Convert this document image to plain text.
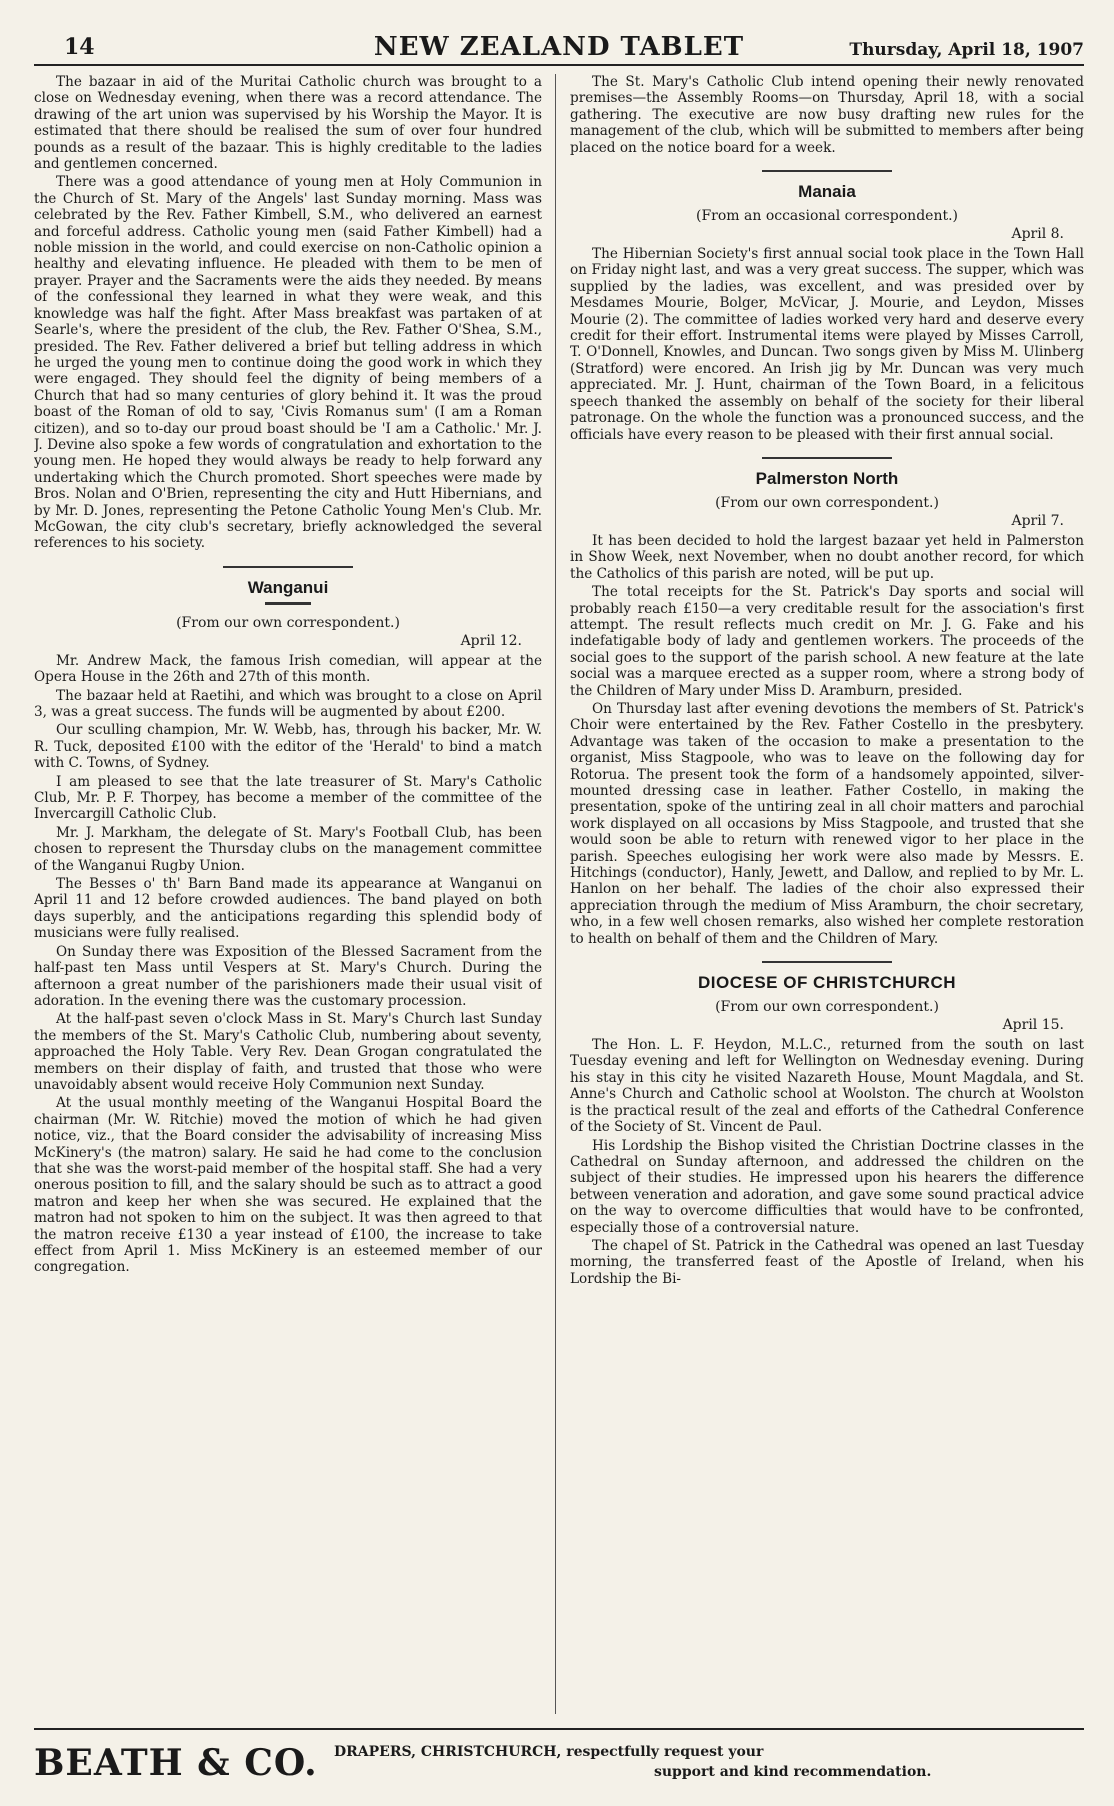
14	NEW ZEALAND TABLET	Thursday, April 18, 1907

The bazaar in aid of the Muritai Catholic church was brought to a close on Wednesday evening, when there was a record attendance. The drawing of the art union was supervised by his Worship the Mayor. It is estimated that there should be realised the sum of over four hundred pounds as a result of the bazaar. This is highly creditable to the ladies and gentlemen concerned.

There was a good attendance of young men at Holy Communion in the Church of St. Mary of the Angels' last Sunday morning. Mass was celebrated by the Rev. Father Kimbell, S.M., who delivered an earnest and forceful address. Catholic young men (said Father Kimbell) had a noble mission in the world, and could exercise on non-Catholic opinion a healthy and elevating influence. He pleaded with them to be men of prayer. Prayer and the Sacraments were the aids they needed. By means of the confessional they learned in what they were weak, and this knowledge was half the fight. After Mass breakfast was partaken of at Searle's, where the president of the club, the Rev. Father O'Shea, S.M., presided. The Rev. Father delivered a brief but telling address in which he urged the young men to continue doing the good work in which they were engaged. They should feel the dignity of being members of a Church that had so many centuries of glory behind it. It was the proud boast of the Roman of old to say, 'Civis Romanus sum' (I am a Roman citizen), and so to-day our proud boast should be 'I am a Catholic.' Mr. J. J. Devine also spoke a few words of congratulation and exhortation to the young men. He hoped they would always be ready to help forward any undertaking which the Church promoted. Short speeches were made by Bros. Nolan and O'Brien, representing the city and Hutt Hibernians, and by Mr. D. Jones, representing the Petone Catholic Young Men's Club. Mr. McGowan, the city club's secretary, briefly acknowledged the several references to his society.

Wanganui
(From our own correspondent.)
April 12.

Mr. Andrew Mack, the famous Irish comedian, will appear at the Opera House in the 26th and 27th of this month.

The bazaar held at Raetihi, and which was brought to a close on April 3, was a great success. The funds will be augmented by about £200.

Our sculling champion, Mr. W. Webb, has, through his backer, Mr. W. R. Tuck, deposited £100 with the editor of the 'Herald' to bind a match with C. Towns, of Sydney.

I am pleased to see that the late treasurer of St. Mary's Catholic Club, Mr. P. F. Thorpey, has become a member of the committee of the Invercargill Catholic Club.

Mr. J. Markham, the delegate of St. Mary's Football Club, has been chosen to represent the Thursday clubs on the management committee of the Wanganui Rugby Union.

The Besses o' th' Barn Band made its appearance at Wanganui on April 11 and 12 before crowded audiences. The band played on both days superbly, and the anticipations regarding this splendid body of musicians were fully realised.

On Sunday there was Exposition of the Blessed Sacrament from the half-past ten Mass until Vespers at St. Mary's Church. During the afternoon a great number of the parishioners made their usual visit of adoration. In the evening there was the customary procession.

At the half-past seven o'clock Mass in St. Mary's Church last Sunday the members of the St. Mary's Catholic Club, numbering about seventy, approached the Holy Table. Very Rev. Dean Grogan congratulated the members on their display of faith, and trusted that those who were unavoidably absent would receive Holy Communion next Sunday.

At the usual monthly meeting of the Wanganui Hospital Board the chairman (Mr. W. Ritchie) moved the motion of which he had given notice, viz., that the Board consider the advisability of increasing Miss McKinery's (the matron) salary. He said he had come to the conclusion that she was the worst-paid member of the hospital staff. She had a very onerous position to fill, and the salary should be such as to attract a good matron and keep her when she was secured. He explained that the matron had not spoken to him on the subject. It was then agreed to that the matron receive £130 a year instead of £100, the increase to take effect from April 1. Miss McKinery is an esteemed member of our congregation.

The St. Mary's Catholic Club intend opening their newly renovated premises—the Assembly Rooms—on Thursday, April 18, with a social gathering. The executive are now busy drafting new rules for the management of the club, which will be submitted to members after being placed on the notice board for a week.

Manaia
(From an occasional correspondent.)
April 8.

The Hibernian Society's first annual social took place in the Town Hall on Friday night last, and was a very great success. The supper, which was supplied by the ladies, was excellent, and was presided over by Mesdames Mourie, Bolger, McVicar, J. Mourie, and Leydon, Misses Mourie (2). The committee of ladies worked very hard and deserve every credit for their effort. Instrumental items were played by Misses Carroll, T. O'Donnell, Knowles, and Duncan. Two songs given by Miss M. Ulinberg (Stratford) were encored. An Irish jig by Mr. Duncan was very much appreciated. Mr. J. Hunt, chairman of the Town Board, in a felicitous speech thanked the assembly on behalf of the society for their liberal patronage. On the whole the function was a pronounced success, and the officials have every reason to be pleased with their first annual social.

Palmerston North
(From our own correspondent.)
April 7.

It has been decided to hold the largest bazaar yet held in Palmerston in Show Week, next November, when no doubt another record, for which the Catholics of this parish are noted, will be put up.

The total receipts for the St. Patrick's Day sports and social will probably reach £150—a very creditable result for the association's first attempt. The result reflects much credit on Mr. J. G. Fake and his indefatigable body of lady and gentlemen workers. The proceeds of the social goes to the support of the parish school. A new feature at the late social was a marquee erected as a supper room, where a strong body of the Children of Mary under Miss D. Aramburn, presided.

On Thursday last after evening devotions the members of St. Patrick's Choir were entertained by the Rev. Father Costello in the presbytery. Advantage was taken of the occasion to make a presentation to the organist, Miss Stagpoole, who was to leave on the following day for Rotorua. The present took the form of a handsomely appointed, silver-mounted dressing case in leather. Father Costello, in making the presentation, spoke of the untiring zeal in all choir matters and parochial work displayed on all occasions by Miss Stagpoole, and trusted that she would soon be able to return with renewed vigor to her place in the parish. Speeches eulogising her work were also made by Messrs. E. Hitchings (conductor), Hanly, Jewett, and Dallow, and replied to by Mr. L. Hanlon on her behalf. The ladies of the choir also expressed their appreciation through the medium of Miss Aramburn, the choir secretary, who, in a few well chosen remarks, also wished her complete restoration to health on behalf of them and the Children of Mary.

DIOCESE OF CHRISTCHURCH
(From our own correspondent.)
April 15.

The Hon. L. F. Heydon, M.L.C., returned from the south on last Tuesday evening and left for Wellington on Wednesday evening. During his stay in this city he visited Nazareth House, Mount Magdala, and St. Anne's Church and Catholic school at Woolston. The church at Woolston is the practical result of the zeal and efforts of the Cathedral Conference of the Society of St. Vincent de Paul.

His Lordship the Bishop visited the Christian Doctrine classes in the Cathedral on Sunday afternoon, and addressed the children on the subject of their studies. He impressed upon his hearers the difference between veneration and adoration, and gave some sound practical advice on the way to overcome difficulties that would have to be confronted, especially those of a controversial nature.

The chapel of St. Patrick in the Cathedral was opened an last Tuesday morning, the transferred feast of the Apostle of Ireland, when his Lordship the Bi-

BEATH & CO. DRAPERS, CHRISTCHURCH, respectfully request your
support and kind recommendation.
